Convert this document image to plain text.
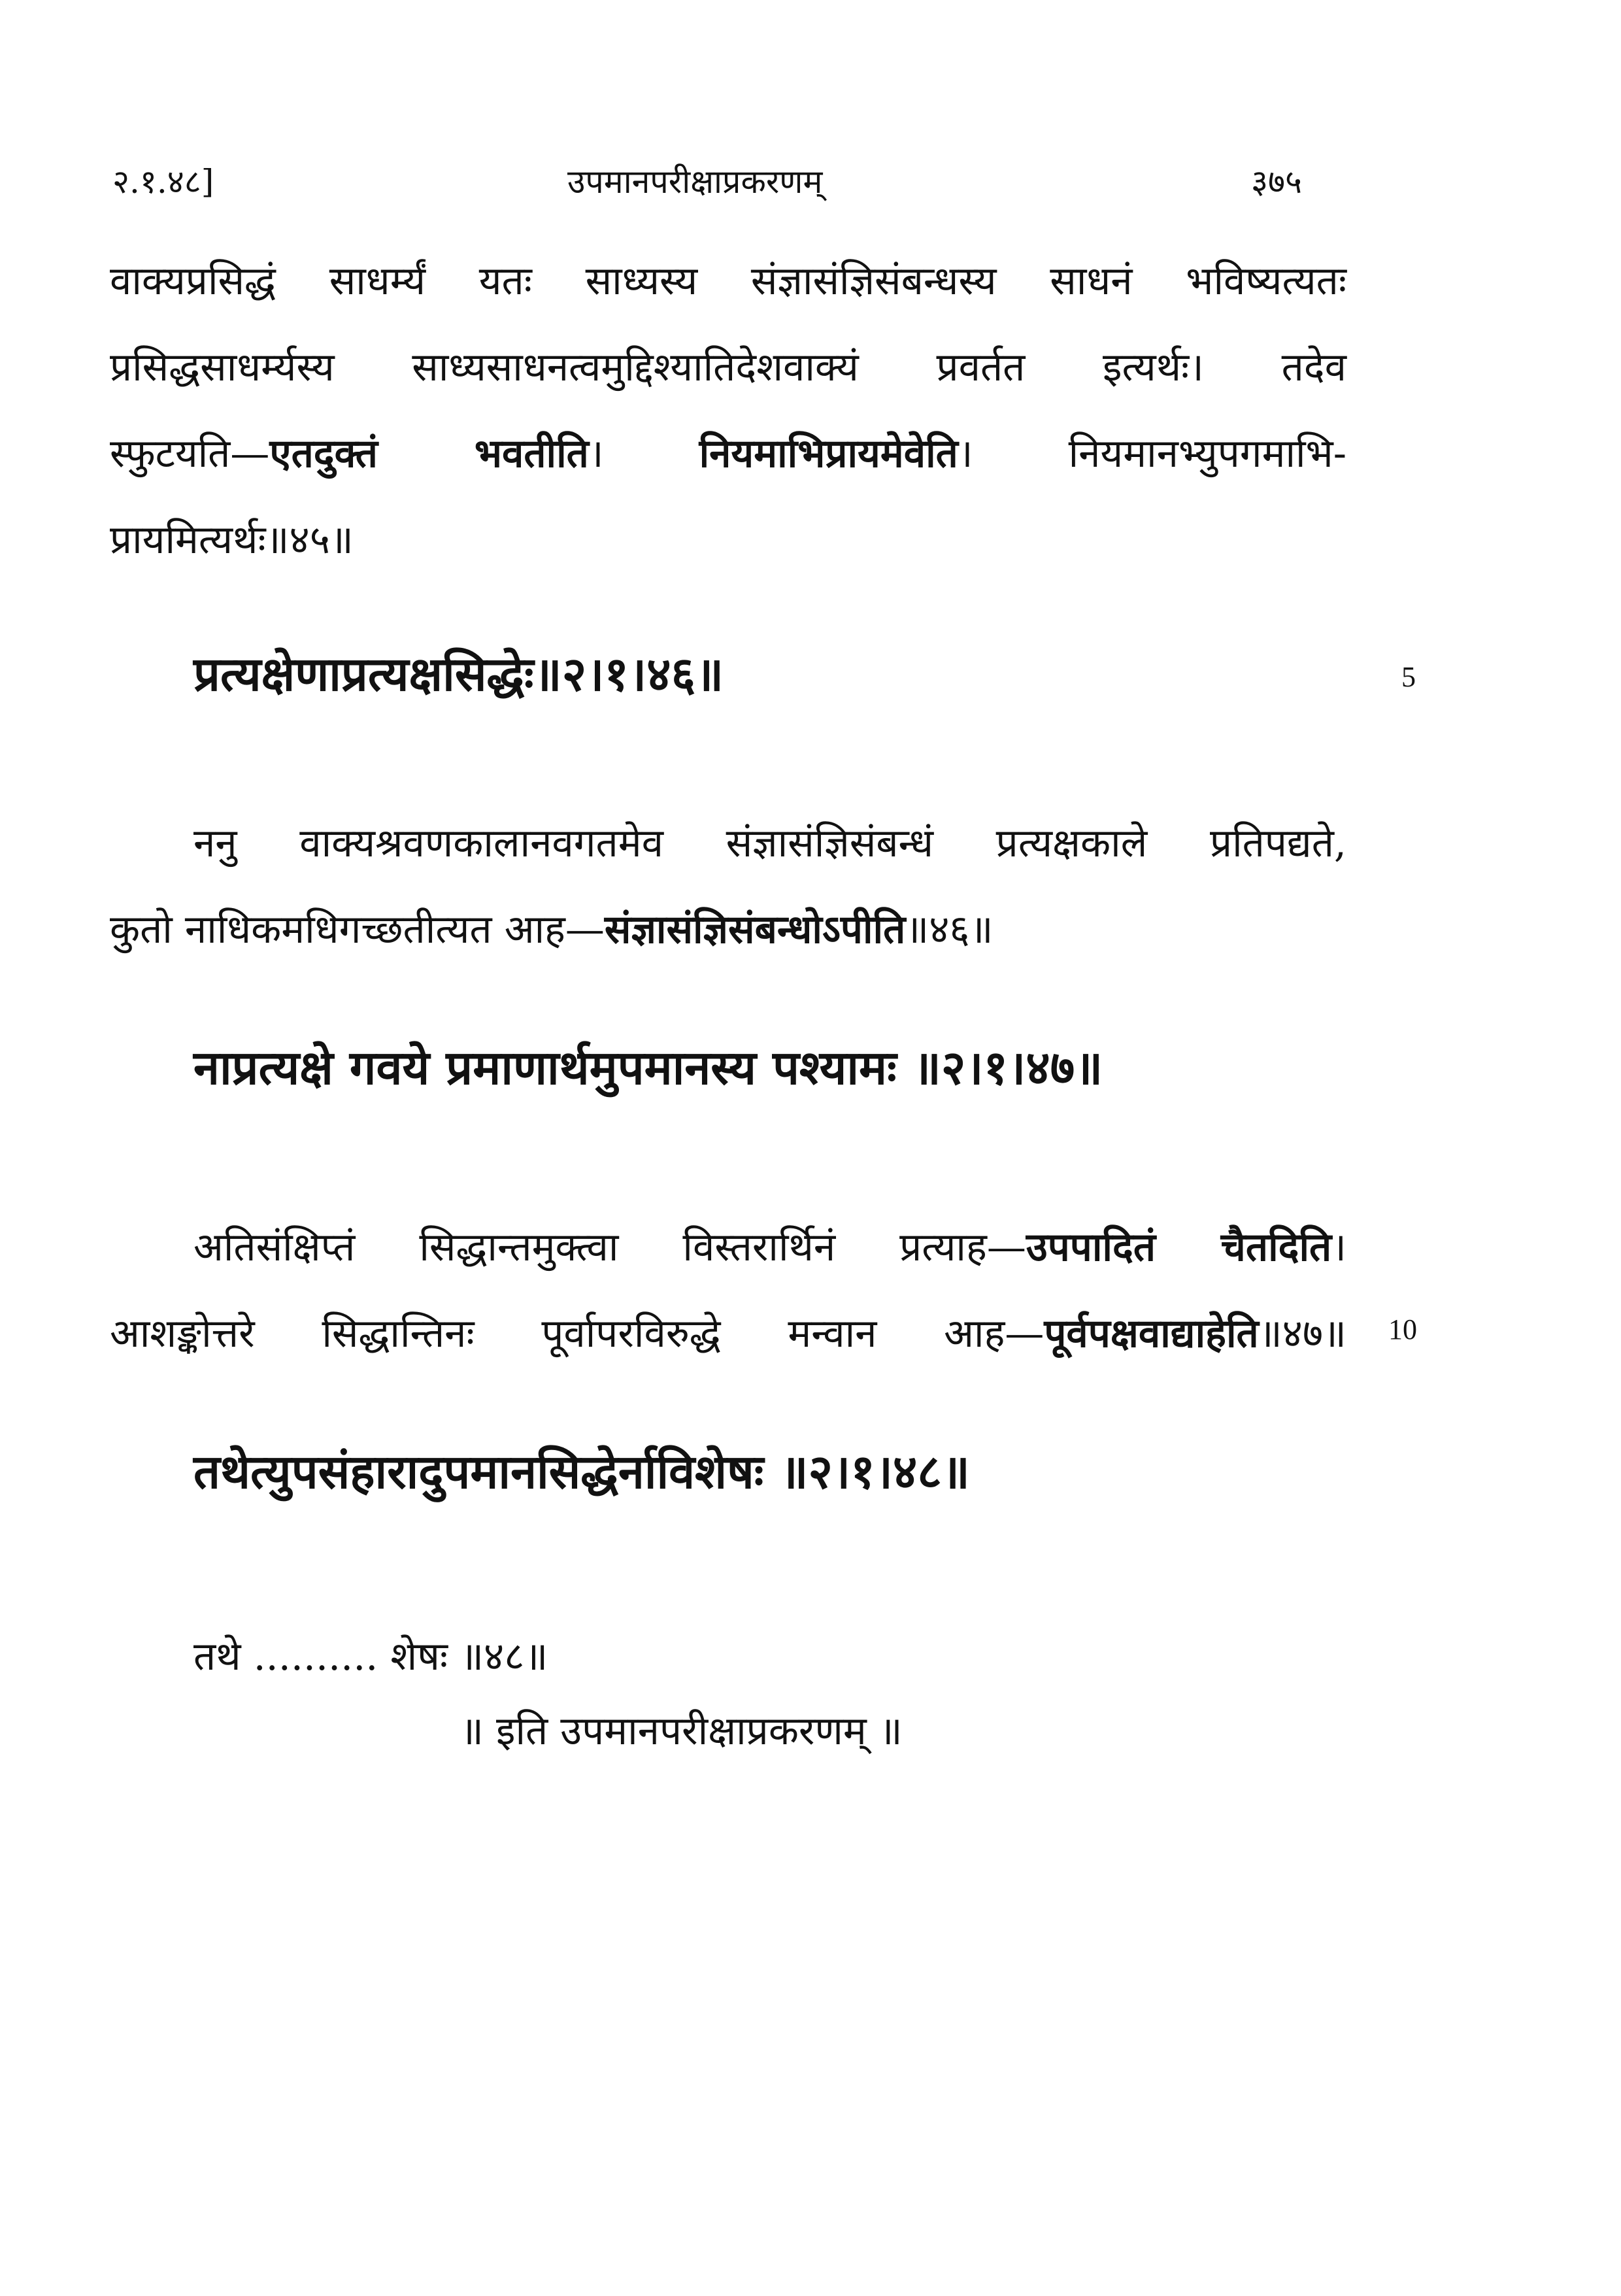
२.१.४८]	उपमानपरीक्षाप्रकरणम्	३७५
वाक्यप्रसिद्धं साधर्म्यं यतः साध्यस्य संज्ञासंज्ञिसंबन्धस्य साधनं भविष्यत्यतः
प्रसिद्धसाधर्म्यस्य साध्यसाधनत्वमुद्दिश्यातिदेशवाक्यं प्रवर्तत इत्यर्थः। तदेव
स्फुटयति—एतदुक्तं भवतीति। नियमाभिप्रायमेवेति। नियमानभ्युपगमाभि-
प्रायमित्यर्थः॥४५॥
प्रत्यक्षेणाप्रत्यक्षसिद्धेः॥२।१।४६॥	5
ननु वाक्यश्रवणकालानवगतमेव संज्ञासंज्ञिसंबन्धं प्रत्यक्षकाले प्रतिपद्यते,
कुतो नाधिकमधिगच्छतीत्यत आह—संज्ञासंज्ञिसंबन्धोऽपीति॥४६॥
नाप्रत्यक्षे गवये प्रमाणार्थमुपमानस्य पश्यामः ॥२।१।४७॥
अतिसंक्षिप्तं सिद्धान्तमुक्त्वा विस्तरार्थिनं प्रत्याह—उपपादितं चैतदिति।
आशङ्कोत्तरे सिद्धान्तिनः पूर्वापरविरुद्धे मन्वान आह—पूर्वपक्षवाद्याहेति॥४७॥ 10
तथेत्युपसंहारादुपमानसिद्धेर्नाविशेषः ॥२।१।४८॥
तथे .......... शेषः ॥४८॥
॥ इति उपमानपरीक्षाप्रकरणम् ॥
